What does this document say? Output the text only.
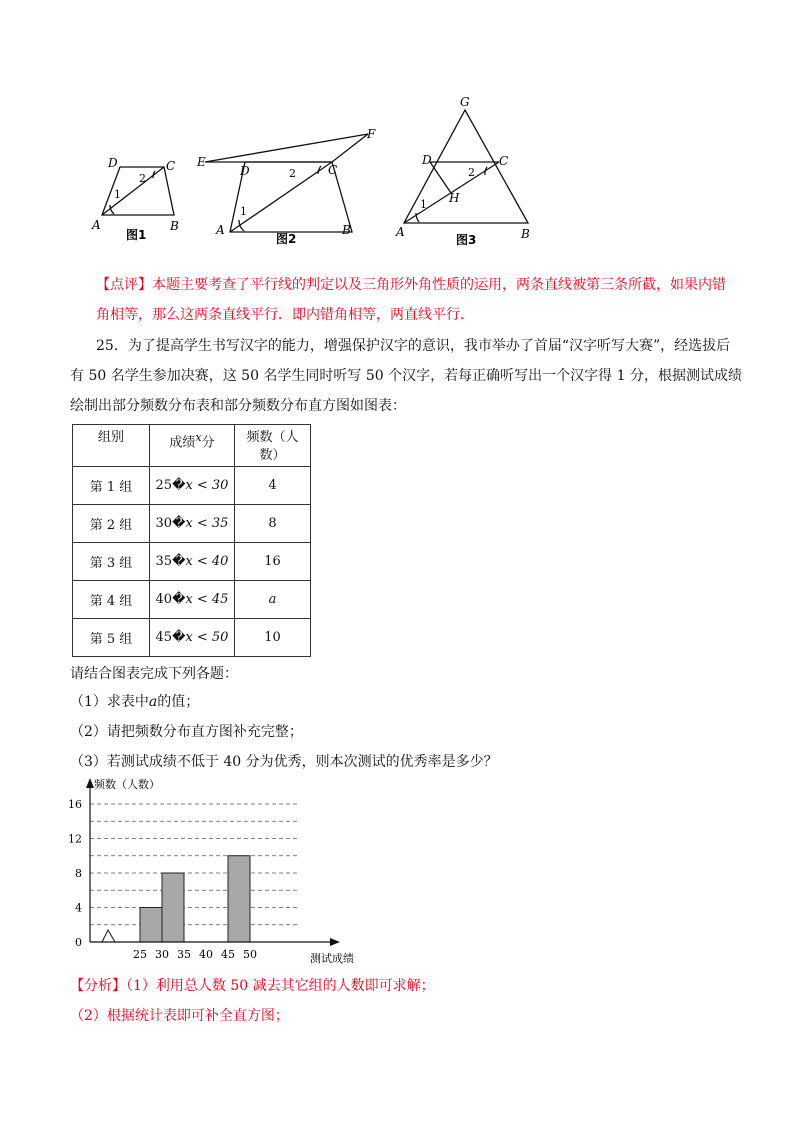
D	C
A	B
1
2
图1
E
F
D	C
A	B
1
2
图2
G
D	C
H
A	B
1
2
图3
【点评】本题主要考查了平行线的判定以及三角形外角性质的运用，两条直线被第三条所截，如果内错
角相等，那么这两条直线平行．即内错角相等，两直线平行．
25．为了提高学生书写汉字的能力，增强保护汉字的意识，我市举办了首届“汉字听写大赛”，经选拔后
有 50 名学生参加决赛，这 50 名学生同时听写 50 个汉字，若每正确听写出一个汉字得 1 分，根据测试成绩
绘制出部分频数分布表和部分频数分布直方图如图表：
组别	成绩$^x$分	频数（人
数）
第 1 组	25�x < 30	4
第 2 组	30�x < 35	8
第 3 组	35�x < 40	16
第 4 组	40�x < 45	a
第 5 组	45�x < 50	10
请结合图表完成下列各题：
（1）求表中a的值；
（2）请把频数分布直方图补充完整；
（3）若测试成绩不低于 40 分为优秀，则本次测试的优秀率是多少？
0
4
8
12
16
25 30 35 40 45 50
频数（人数）
测试成绩
【分析】（1）利用总人数 50 减去其它组的人数即可求解；
（2）根据统计表即可补全直方图；
